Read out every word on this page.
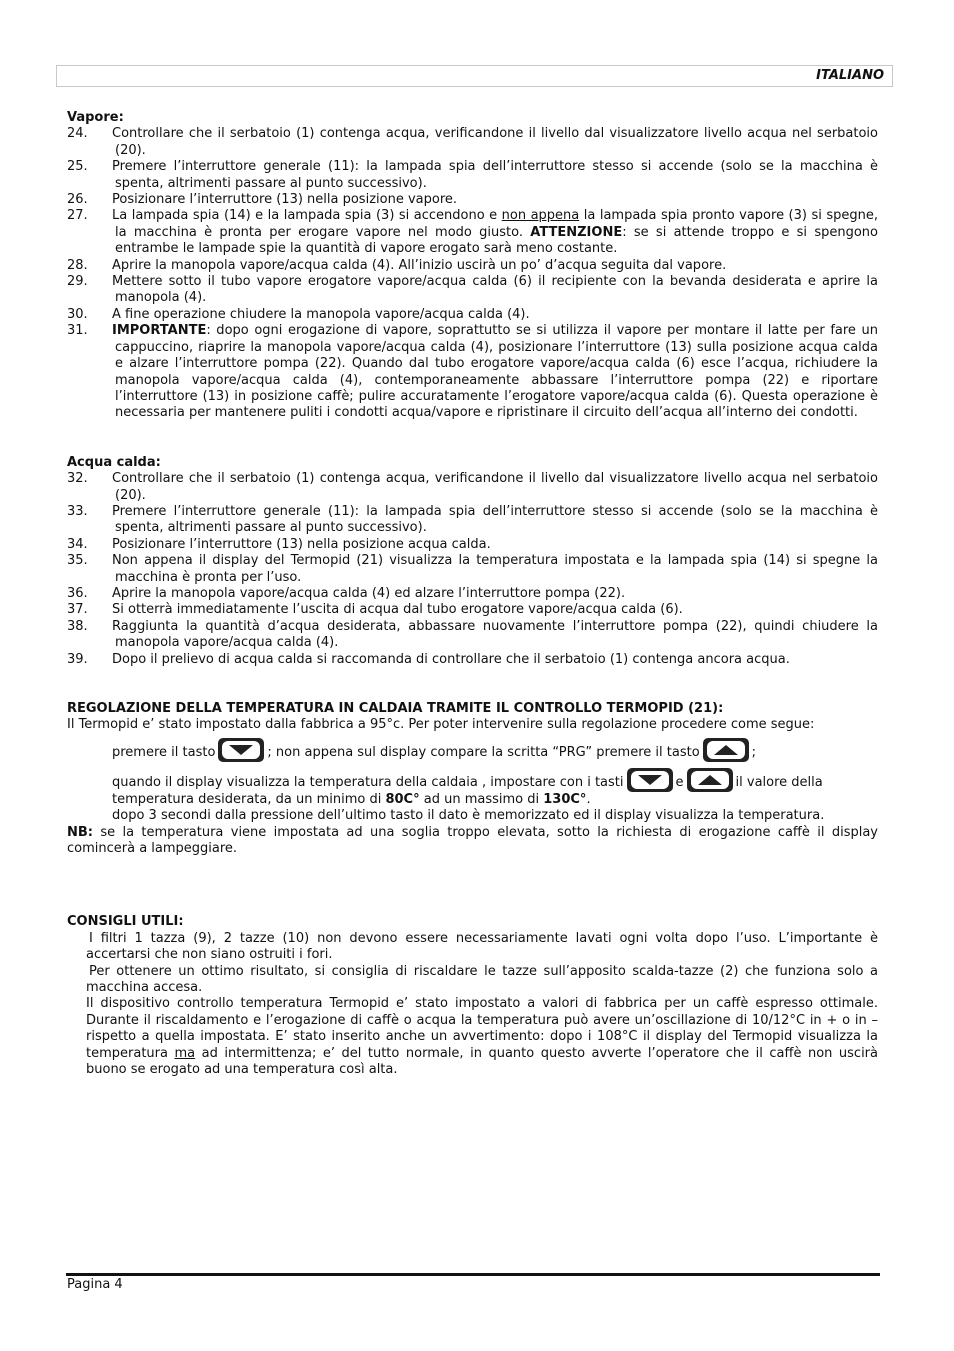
ITALIANO
Vapore:
24.	Controllare che il serbatoio (1) contenga acqua, verificandone il livello dal visualizzatore livello acqua nel serbatoio (20).
25.	Premere l’interruttore generale (11): la lampada spia dell’interruttore stesso si accende (solo se la macchina è spenta, altrimenti passare al punto successivo).
26.	Posizionare l’interruttore (13) nella posizione vapore.
27.	La lampada spia (14) e la lampada spia (3) si accendono e non appena la lampada spia pronto vapore (3) si spegne, la macchina è pronta per erogare vapore nel modo giusto. ATTENZIONE: se si attende troppo e si spengono entrambe le lampade spie la quantità di vapore erogato sarà meno costante.
28.	Aprire la manopola vapore/acqua calda (4). All’inizio uscirà un po’ d’acqua seguita dal vapore.
29.	Mettere sotto il tubo vapore erogatore vapore/acqua calda (6) il recipiente con la bevanda desiderata e aprire la manopola (4).
30.	A fine operazione chiudere la manopola vapore/acqua calda (4).
31.	IMPORTANTE: dopo ogni erogazione di vapore, soprattutto se si utilizza il vapore per montare il latte per fare un cappuccino, riaprire la manopola vapore/acqua calda (4), posizionare l’interruttore (13) sulla posizione acqua calda e alzare l’interruttore pompa (22). Quando dal tubo erogatore vapore/acqua calda (6) esce l’acqua, richiudere la manopola vapore/acqua calda (4), contemporaneamente abbassare l’interruttore pompa (22) e riportare l’interruttore (13) in posizione caffè; pulire accuratamente l’erogatore vapore/acqua calda (6). Questa operazione è necessaria per mantenere puliti i condotti acqua/vapore e ripristinare il circuito dell’acqua all’interno dei condotti.
Acqua calda:
32.	Controllare che il serbatoio (1) contenga acqua, verificandone il livello dal visualizzatore livello acqua nel serbatoio (20).
33.	Premere l’interruttore generale (11): la lampada spia dell’interruttore stesso si accende (solo se la macchina è spenta, altrimenti passare al punto successivo).
34.	Posizionare l’interruttore (13) nella posizione acqua calda.
35.	Non appena il display del Termopid (21) visualizza la temperatura impostata e la lampada spia (14) si spegne la macchina è pronta per l’uso.
36.	Aprire la manopola vapore/acqua calda (4) ed alzare l’interruttore pompa (22).
37.	Si otterrà immediatamente l’uscita di acqua dal tubo erogatore vapore/acqua calda (6).
38.	Raggiunta la quantità d’acqua desiderata, abbassare nuovamente l’interruttore pompa (22), quindi chiudere la manopola vapore/acqua calda (4).
39.	Dopo il prelievo di acqua calda si raccomanda di controllare che il serbatoio (1) contenga ancora acqua.
REGOLAZIONE DELLA TEMPERATURA IN CALDAIA TRAMITE IL CONTROLLO TERMOPID (21):
Il Termopid e’ stato impostato dalla fabbrica a 95°c. Per poter intervenire sulla regolazione procedere come segue:
premere il tasto	; non appena sul display compare la scritta “PRG” premere il tasto	;
quando il display visualizza la temperatura della caldaia , impostare con i tasti	e	il valore della
temperatura desiderata, da un minimo di 80C° ad un massimo di 130C°.
dopo 3 secondi dalla pressione dell’ultimo tasto il dato è memorizzato ed il display visualizza la temperatura.
NB: se la temperatura viene impostata ad una soglia troppo elevata, sotto la richiesta di erogazione caffè il display comincerà a lampeggiare.
CONSIGLI UTILI:

I filtri 1 tazza (9), 2 tazze (10) non devono essere necessariamente lavati ogni volta dopo l’uso. L’importante è accertarsi che non siano ostruiti i fori.

Per ottenere un ottimo risultato, si consiglia di riscaldare le tazze sull’apposito scalda-tazze (2) che funziona solo a macchina accesa.

Il dispositivo controllo temperatura Termopid e’ stato impostato a valori di fabbrica per un caffè espresso ottimale. Durante il riscaldamento e l’erogazione di caffè o acqua la temperatura può avere un’oscillazione di 10/12°C in + o in – rispetto a quella impostata. E’ stato inserito anche un avvertimento: dopo i 108°C il display del Termopid visualizza la temperatura ma ad intermittenza; e’ del tutto normale, in quanto questo avverte l’operatore che il caffè non uscirà buono se erogato ad una temperatura così alta.

Pagina 4
